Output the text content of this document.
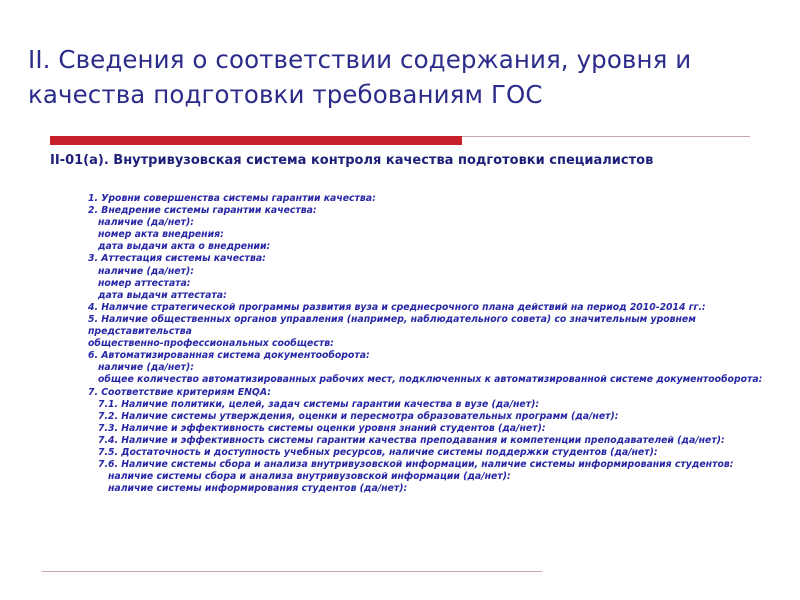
II. Сведения о соответствии содержания, уровня и качества подготовки требованиям ГОС
II-01(а). Внутривузовская система контроля качества подготовки специалистов
1. Уровни совершенства системы гарантии качества:
2. Внедрение системы гарантии качества:
наличие (да/нет):
номер акта внедрения:
дата выдачи акта о внедрении:
3. Аттестация системы качества:
наличие (да/нет):
номер аттестата:
дата выдачи аттестата:
4. Наличие стратегической программы развития вуза и среднесрочного плана действий на период 2010-2014 гг.:
5. Наличие общественных органов управления (например, наблюдательного совета) со значительным уровнем представительства
общественно-профессиональных сообществ:
6. Автоматизированная система документооборота:
наличие (да/нет):
общее количество автоматизированных рабочих мест, подключенных к автоматизированной системе документооборота:
7. Соответствие критериям ENQA:
7.1. Наличие политики, целей, задач системы гарантии качества в вузе (да/нет):
7.2. Наличие системы утверждения, оценки и пересмотра образовательных программ (да/нет):
7.3. Наличие и эффективность системы оценки уровня знаний студентов (да/нет):
7.4. Наличие и эффективность системы гарантии качества преподавания и компетенции преподавателей (да/нет):
7.5. Достаточность и доступность учебных ресурсов, наличие системы поддержки студентов (да/нет):
7.6. Наличие системы сбора и анализа внутривузовской информации, наличие системы информирования студентов:
наличие системы сбора и анализа внутривузовской информации (да/нет):
наличие системы информирования студентов (да/нет):
